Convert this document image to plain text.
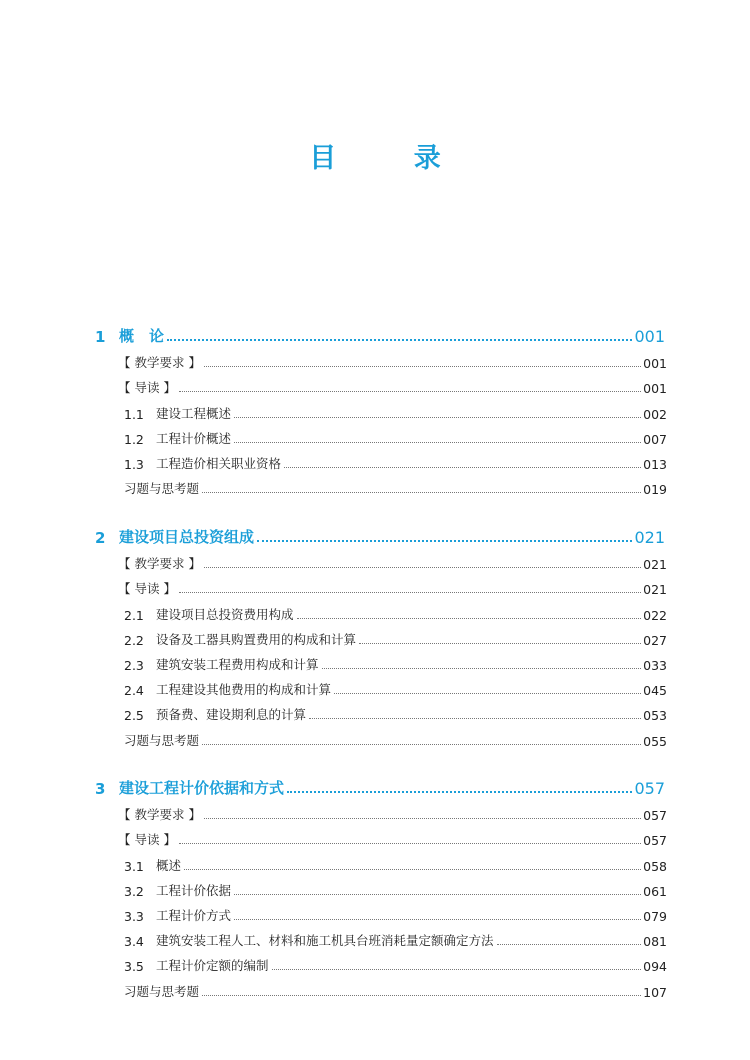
目 录
1 概　论	001
【 教学要求 】	001
【 导读 】	001
1.1 建设工程概述	002
1.2 工程计价概述	007
1.3 工程造价相关职业资格	013
习题与思考题	019
2 建设项目总投资组成	021
【 教学要求 】	021
【 导读 】	021
2.1 建设项目总投资费用构成	022
2.2 设备及工器具购置费用的构成和计算	027
2.3 建筑安装工程费用构成和计算	033
2.4 工程建设其他费用的构成和计算	045
2.5 预备费、建设期利息的计算	053
习题与思考题	055
3 建设工程计价依据和方式	057
【 教学要求 】	057
【 导读 】	057
3.1 概述	058
3.2 工程计价依据	061
3.3 工程计价方式	079
3.4 建筑安装工程人工、材料和施工机具台班消耗量定额确定方法	081
3.5 工程计价定额的编制	094
习题与思考题	107
